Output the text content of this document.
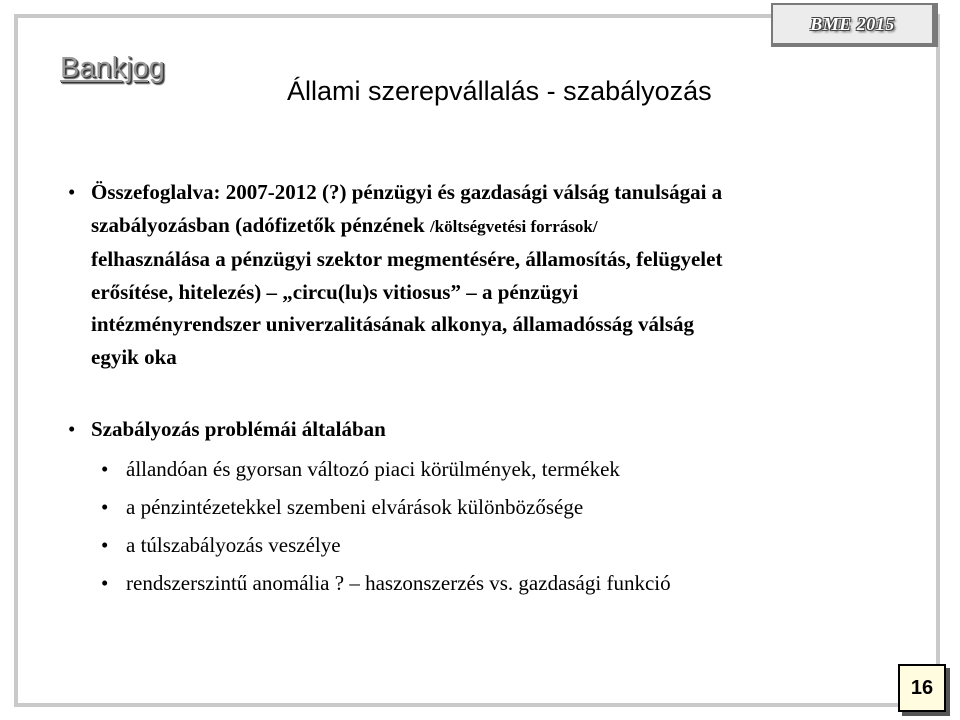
BME 2015
Bankjog
Állami szerepvállalás - szabályozás
• Összefoglalva: 2007-2012 (?) pénzügyi és gazdasági válság tanulságai a
szabályozásban (adófizetők pénzének /költségvetési források/
felhasználása a pénzügyi szektor megmentésére, államosítás, felügyelet
erősítése, hitelezés) – „circu(lu)s vitiosus” – a pénzügyi
intézményrendszer univerzalitásának alkonya, államadósság válság
egyik oka
• Szabályozás problémái általában
• állandóan és gyorsan változó piaci körülmények, termékek
• a pénzintézetekkel szembeni elvárások különbözősége
• a túlszabályozás veszélye
• rendszerszintű anomália ? – haszonszerzés vs. gazdasági funkció
16
